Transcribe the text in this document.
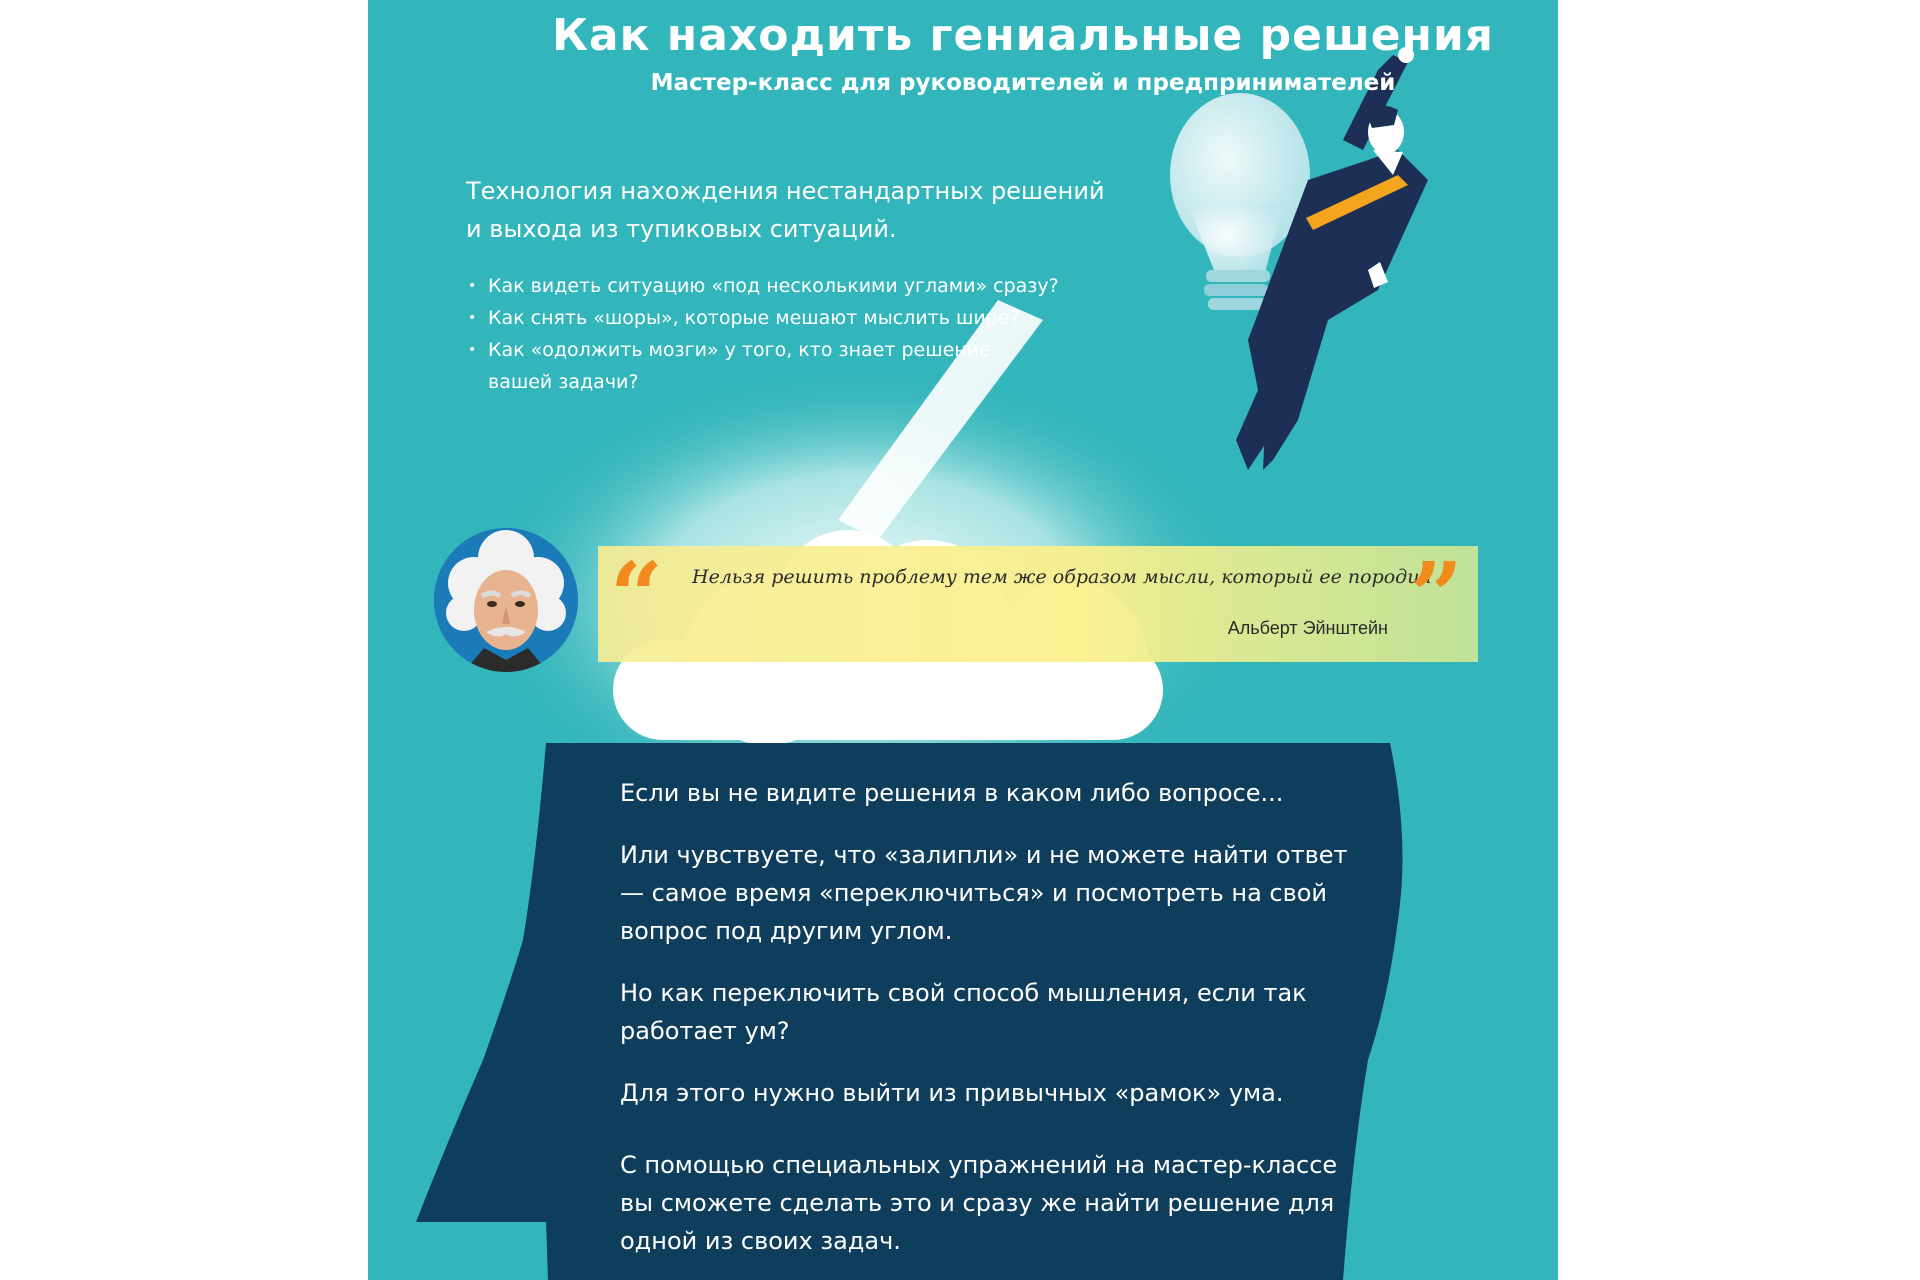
Как находить гениальные решения
Мастер-класс для руководителей и предпринимателей
Технология нахождения нестандартных решений
и выхода из тупиковых ситуаций.
• Как видеть ситуацию «под несколькими углами» сразу?
• Как снять «шоры», которые мешают мыслить шире?
• Как «одолжить мозги» у того, кто знает решение вашей задачи?
“ Нельзя решить проблему тем же образом мысли, который ее породил
”
Альберт Эйнштейн

Если вы не видите решения в каком либо вопросе...

Или чувствуете, что «залипли» и не можете найти ответ — самое время «переключиться» и посмотреть на свой вопрос под другим углом.

Но как переключить свой способ мышления, если так работает ум?

Для этого нужно выйти из привычных «рамок» ума.

С помощью специальных упражнений на мастер-классе вы сможете сделать это и сразу же найти решение для одной из своих задач.
